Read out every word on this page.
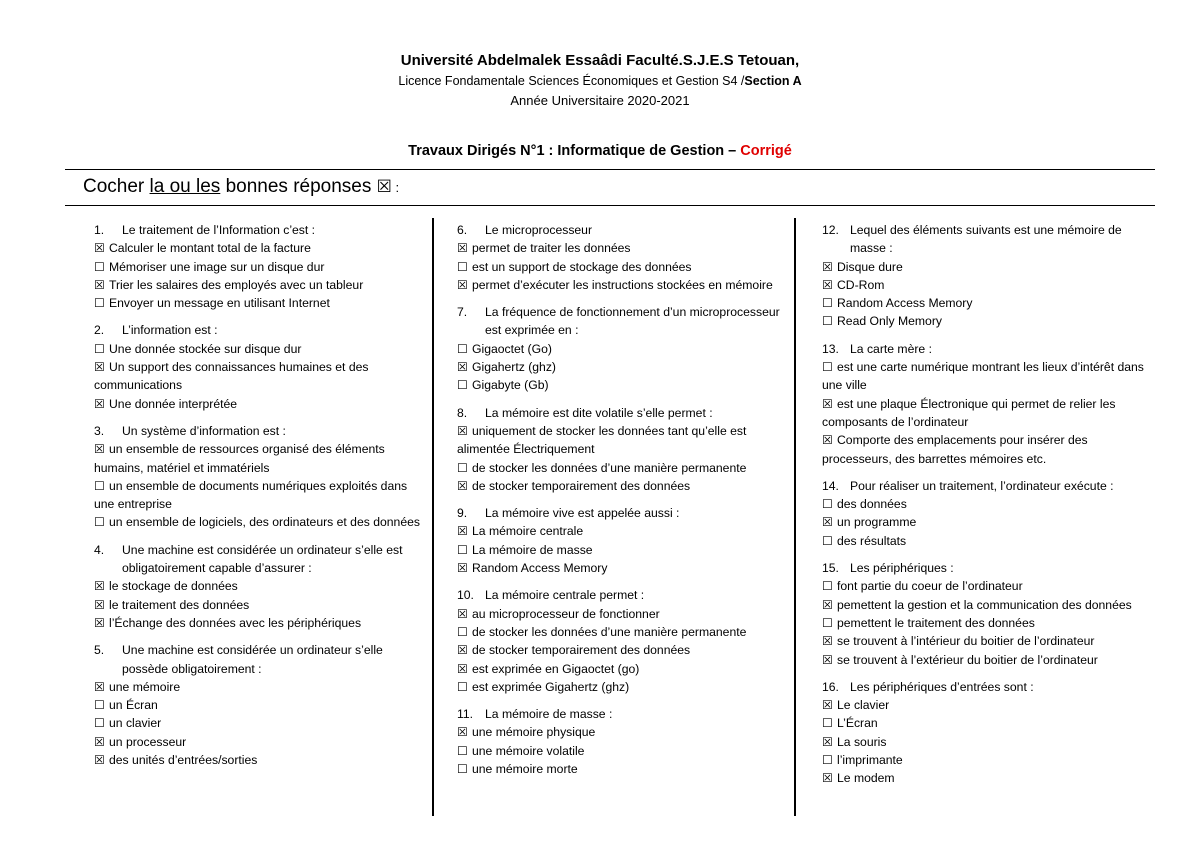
Université Abdelmalek Essaâdi Faculté.S.J.E.S Tetouan,
Licence Fondamentale Sciences Économiques et Gestion S4 /Section A
Année Universitaire 2020-2021
Travaux Dirigés N°1 : Informatique de Gestion – Corrigé
Cocher la ou les bonnes réponses ☒ :
1. Le traitement de l’Information c’est :
☒ Calculer le montant total de la facture
☐ Mémoriser une image sur un disque dur
☒ Trier les salaires des employés avec un tableur
☐ Envoyer un message en utilisant Internet
2. L’information est :
☐ Une donnée stockée sur disque dur
☒ Un support des connaissances humaines et des communications
☒ Une donnée interprétée
3. Un système d’information est :
☒ un ensemble de ressources organisé des éléments humains, matériel et immatériels
☐ un ensemble de documents numériques exploités dans une entreprise
☐ un ensemble de logiciels, des ordinateurs et des données
4. Une machine est considérée un ordinateur s’elle est obligatoirement capable d’assurer :
☒ le stockage de données
☒ le traitement des données
☒ l’Échange des données avec les périphériques
5. Une machine est considérée un ordinateur s’elle possède obligatoirement :
☒ une mémoire
☐ un Écran
☐ un clavier
☒ un processeur
☒ des unités d’entrées/sorties
6. Le microprocesseur
☒ permet de traiter les données
☐ est un support de stockage des données
☒ permet d’exécuter les instructions stockées en mémoire
7. La fréquence de fonctionnement d’un microprocesseur est exprimée en :
☐ Gigaoctet (Go)
☒ Gigahertz (ghz)
☐ Gigabyte (Gb)
8. La mémoire est dite volatile s’elle permet :
☒ uniquement de stocker les données tant qu’elle est alimentée Électriquement
☐ de stocker les données d’une manière permanente
☒ de stocker temporairement des données
9. La mémoire vive est appelée aussi :
☒ La mémoire centrale
☐ La mémoire de masse
☒ Random Access Memory
10. La mémoire centrale permet :
☒ au microprocesseur de fonctionner
☐ de stocker les données d’une manière permanente
☒ de stocker temporairement des données
☒ est exprimée en Gigaoctet (go)
☐ est exprimée Gigahertz (ghz)
11. La mémoire de masse :
☒ une mémoire physique
☐ une mémoire volatile
☐ une mémoire morte
12. Lequel des éléments suivants est une mémoire de masse :
☒ Disque dure
☒ CD-Rom
☐ Random Access Memory
☐ Read Only Memory
13. La carte mère :
☐ est une carte numérique montrant les lieux d’intérêt dans une ville
☒ est une plaque Électronique qui permet de relier les composants de l’ordinateur
☒ Comporte des emplacements pour insérer des processeurs, des barrettes mémoires etc.
14. Pour réaliser un traitement, l’ordinateur exécute :
☐ des données
☒ un programme
☐ des résultats
15. Les périphériques :
☐ font partie du coeur de l’ordinateur
☒ pemettent la gestion et la communication des données
☐ pemettent le traitement des données
☒ se trouvent à l’intérieur du boitier de l’ordinateur
☒ se trouvent à l’extérieur du boitier de l’ordinateur
16. Les périphériques d’entrées sont :
☒ Le clavier
☐ L’Écran
☒ La souris
☐ l’imprimante
☒ Le modem
